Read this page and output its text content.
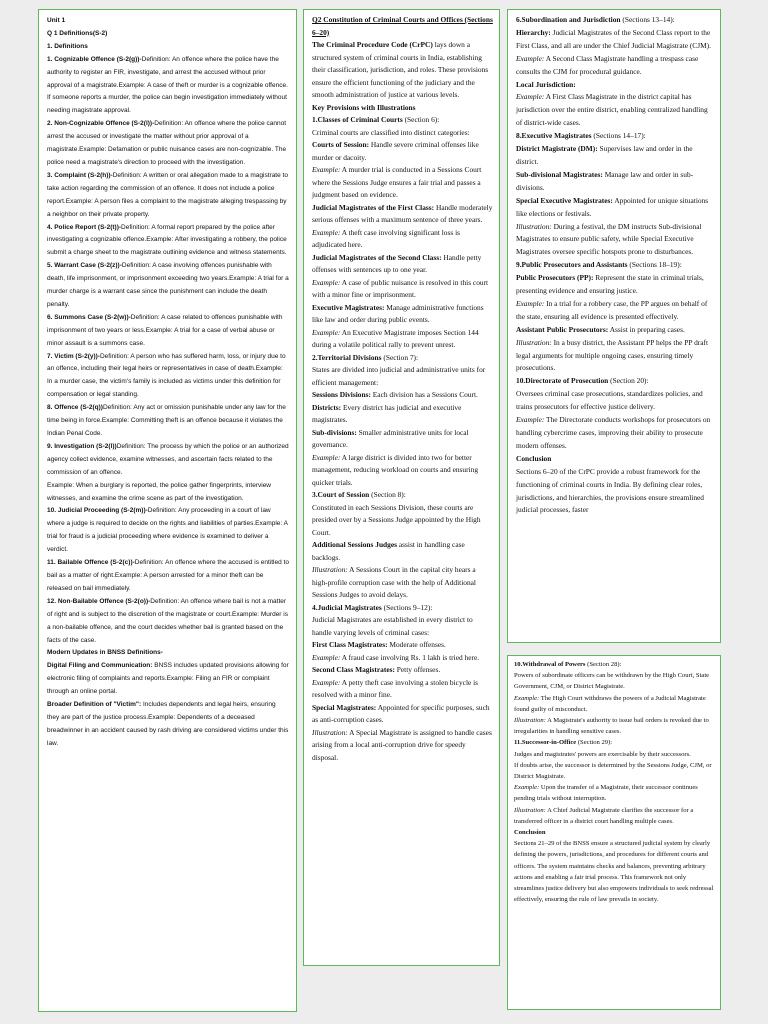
Unit 1
Q 1 Definitions(S-2)
1. Definitions
1. Cognizable Offence (S-2(g))-Definition: An offence where the police have the authority to register an FIR, investigate, and arrest the accused without prior approval of a magistrate.Example: A case of theft or murder is a cognizable offence. If someone reports a murder, the police can begin investigation immediately without needing magistrate approval.
2. Non-Cognizable Offence (S-2(l))-Definition: An offence where the police cannot arrest the accused or investigate the matter without prior approval of a magistrate.Example: Defamation or public nuisance cases are non-cognizable. The police need a magistrate's direction to proceed with the investigation.
3. Complaint (S-2(h))-Definition: A written or oral allegation made to a magistrate to take action regarding the commission of an offence. It does not include a police report.Example: A person files a complaint to the magistrate alleging trespassing by a neighbor on their private property.
4. Police Report (S-2(t))-Definition: A formal report prepared by the police after investigating a cognizable offence.Example: After investigating a robbery, the police submit a charge sheet to the magistrate outlining evidence and witness statements.
5. Warrant Case (S-2(z))-Definition: A case involving offences punishable with death, life imprisonment, or imprisonment exceeding two years.Example: A trial for a murder charge is a warrant case since the punishment can include the death penalty.
6. Summons Case (S-2(w))-Definition: A case related to offences punishable with imprisonment of two years or less.Example: A trial for a case of verbal abuse or minor assault is a summons case.
7. Victim (S-2(y))-Definition: A person who has suffered harm, loss, or injury due to an offence, including their legal heirs or representatives in case of death.Example: In a murder case, the victim's family is included as victims under this definition for compensation or legal standing.
8. Offence (S-2(q))Definition: Any act or omission punishable under any law for the time being in force.Example: Committing theft is an offence because it violates the Indian Penal Code.
9. Investigation (S-2(l))Definition: The process by which the police or an authorized agency collect evidence, examine witnesses, and ascertain facts related to the commission of an offence.
Example: When a burglary is reported, the police gather fingerprints, interview witnesses, and examine the crime scene as part of the investigation.
10. Judicial Proceeding (S-2(m))-Definition: Any proceeding in a court of law where a judge is required to decide on the rights and liabilities of parties.Example: A trial for fraud is a judicial proceeding where evidence is examined to deliver a verdict.
11. Bailable Offence (S-2(c))-Definition: An offence where the accused is entitled to bail as a matter of right.Example: A person arrested for a minor theft can be released on bail immediately.
12. Non-Bailable Offence (S-2(o))-Definition: An offence where bail is not a matter of right and is subject to the discretion of the magistrate or court.Example: Murder is a non-bailable offence, and the court decides whether bail is granted based on the facts of the case.
Modern Updates in BNSS Definitions-
Digital Filing and Communication: BNSS includes updated provisions allowing for electronic filing of complaints and reports.Example: Filing an FIR or complaint through an online portal.
Broader Definition of "Victim": Includes dependents and legal heirs, ensuring they are part of the justice process.Example: Dependents of a deceased breadwinner in an accident caused by rash driving are considered victims under this law.
Q2 Constitution of Criminal Courts and Offices (Sections 6–20)
The Criminal Procedure Code (CrPC) lays down a structured system of criminal courts in India, establishing their classification, jurisdiction, and roles. These provisions ensure the efficient functioning of the judiciary and the smooth administration of justice at various levels.
Key Provisions with Illustrations
1.Classes of Criminal Courts (Section 6):
Criminal courts are classified into distinct categories:
Courts of Session: Handle severe criminal offenses like murder or dacoity.
Example: A murder trial is conducted in a Sessions Court where the Sessions Judge ensures a fair trial and passes a judgment based on evidence.
Judicial Magistrates of the First Class: Handle moderately serious offenses with a maximum sentence of three years.
Example: A theft case involving significant loss is adjudicated here.
Judicial Magistrates of the Second Class: Handle petty offenses with sentences up to one year.
Example: A case of public nuisance is resolved in this court with a minor fine or imprisonment.
Executive Magistrates: Manage administrative functions like law and order during public events.
Example: An Executive Magistrate imposes Section 144 during a volatile political rally to prevent unrest.
2.Territorial Divisions (Section 7):
States are divided into judicial and administrative units for efficient management:
Sessions Divisions: Each division has a Sessions Court.
Districts: Every district has judicial and executive magistrates.
Sub-divisions: Smaller administrative units for local governance.
Example: A large district is divided into two for better management, reducing workload on courts and ensuring quicker trials.
3.Court of Session (Section 8):
Constituted in each Sessions Division, these courts are presided over by a Sessions Judge appointed by the High Court.
Additional Sessions Judges assist in handling case backlogs.
Illustration: A Sessions Court in the capital city hears a high-profile corruption case with the help of Additional Sessions Judges to avoid delays.
4.Judicial Magistrates (Sections 9–12):
Judicial Magistrates are established in every district to handle varying levels of criminal cases:
First Class Magistrates: Moderate offenses.
Example: A fraud case involving Rs. 1 lakh is tried here.
Second Class Magistrates: Petty offenses.
Example: A petty theft case involving a stolen bicycle is resolved with a minor fine.
Special Magistrates: Appointed for specific purposes, such as anti-corruption cases.
Illustration: A Special Magistrate is assigned to handle cases arising from a local anti-corruption drive for speedy disposal.
6.Subordination and Jurisdiction (Sections 13–14):
Hierarchy: Judicial Magistrates of the Second Class report to the First Class, and all are under the Chief Judicial Magistrate (CJM).
Example: A Second Class Magistrate handling a trespass case consults the CJM for procedural guidance.
Local Jurisdiction:
Example: A First Class Magistrate in the district capital has jurisdiction over the entire district, enabling centralized handling of district-wide cases.
8.Executive Magistrates (Sections 14–17):
District Magistrate (DM): Supervises law and order in the district.
Sub-divisional Magistrates: Manage law and order in sub-divisions.
Special Executive Magistrates: Appointed for unique situations like elections or festivals.
Illustration: During a festival, the DM instructs Sub-divisional Magistrates to ensure public safety, while Special Executive Magistrates oversee specific hotspots prone to disturbances.
9.Public Prosecutors and Assistants (Sections 18–19):
Public Prosecutors (PP): Represent the state in criminal trials, presenting evidence and ensuring justice.
Example: In a trial for a robbery case, the PP argues on behalf of the state, ensuring all evidence is presented effectively.
Assistant Public Prosecutors: Assist in preparing cases.
Illustration: In a busy district, the Assistant PP helps the PP draft legal arguments for multiple ongoing cases, ensuring timely prosecutions.
10.Directorate of Prosecution (Section 20):
Oversees criminal case prosecutions, standardizes policies, and trains prosecutors for effective justice delivery.
Example: The Directorate conducts workshops for prosecutors on handling cybercrime cases, improving their ability to prosecute modern offenses.
Conclusion
Sections 6–20 of the CrPC provide a robust framework for the functioning of criminal courts in India. By defining clear roles, jurisdictions, and hierarchies, the provisions ensure streamlined judicial processes, faster
10.Withdrawal of Powers (Section 28):
Powers of subordinate officers can be withdrawn by the High Court, State Government, CJM, or District Magistrate.
Example: The High Court withdraws the powers of a Judicial Magistrate found guilty of misconduct.
Illustration: A Magistrate's authority to issue bail orders is revoked due to irregularities in handling sensitive cases.
11.Successor-in-Office (Section 29):
Judges and magistrates' powers are exercisable by their successors.
If doubts arise, the successor is determined by the Sessions Judge, CJM, or District Magistrate.
Example: Upon the transfer of a Magistrate, their successor continues pending trials without interruption.
Illustration: A Chief Judicial Magistrate clarifies the successor for a transferred officer in a district court handling multiple cases.
Conclusion
Sections 21–29 of the BNSS ensure a structured judicial system by clearly defining the powers, jurisdictions, and procedures for different courts and officers. The system maintains checks and balances, preventing arbitrary actions and enabling a fair trial process. This framework not only streamlines justice delivery but also empowers individuals to seek redressal effectively, ensuring the rule of law prevails in society.
